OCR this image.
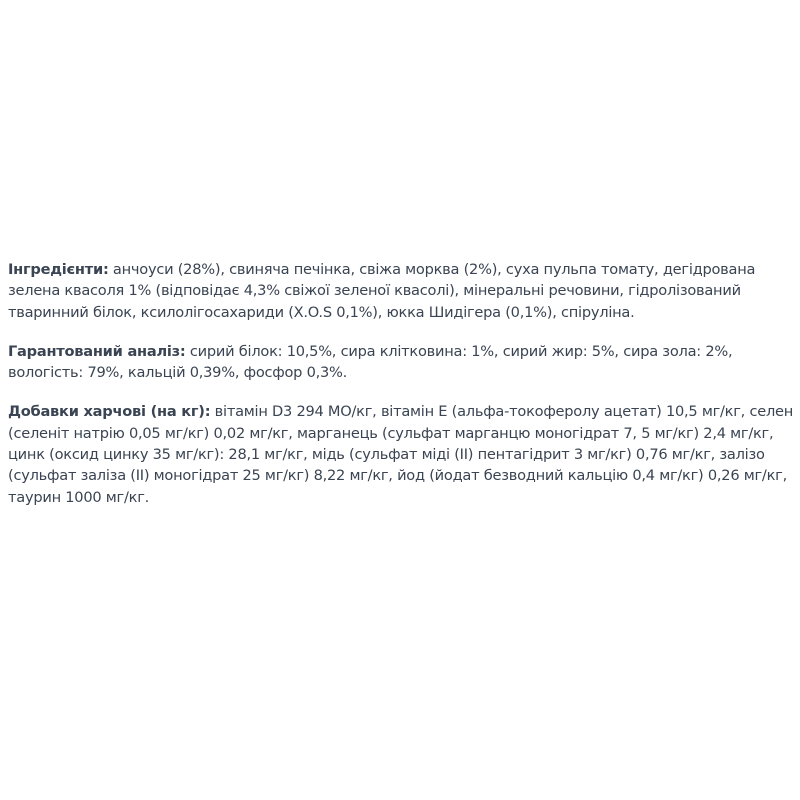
Інгредієнти: анчоуси (28%), свиняча печінка, свіжа морква (2%), суха пульпа томату, дегідрована зелена квасоля 1% (відповідає 4,3% свіжої зеленої квасолі), мінеральні речовини, гідролізований тваринний білок, ксилолігосахариди (X.O.S 0,1%), юкка Шидігера (0,1%), спіруліна.

Гарантований аналіз: сирий білок: 10,5%, сира клітковина: 1%, сирий жир: 5%, сира зола: 2%, вологість: 79%, кальцій 0,39%, фосфор 0,3%.

Добавки харчові (на кг): вітамін D3 294 МО/кг, вітамін E (альфа-токоферолу ацетат) 10,5 мг/кг, селен (селеніт натрію 0,05 мг/кг) 0,02 мг/кг, марганець (сульфат марганцю моногідрат 7, 5 мг/кг) 2,4 мг/кг, цинк (оксид цинку 35 мг/кг): 28,1 мг/кг, мідь (сульфат міді (II) пентагідрит 3 мг/кг) 0,76 мг/кг, залізо (сульфат заліза (II) моногідрат 25 мг/кг) 8,22 мг/кг, йод (йодат безводний кальцію 0,4 мг/кг) 0,26 мг/кг, таурин 1000 мг/кг.
